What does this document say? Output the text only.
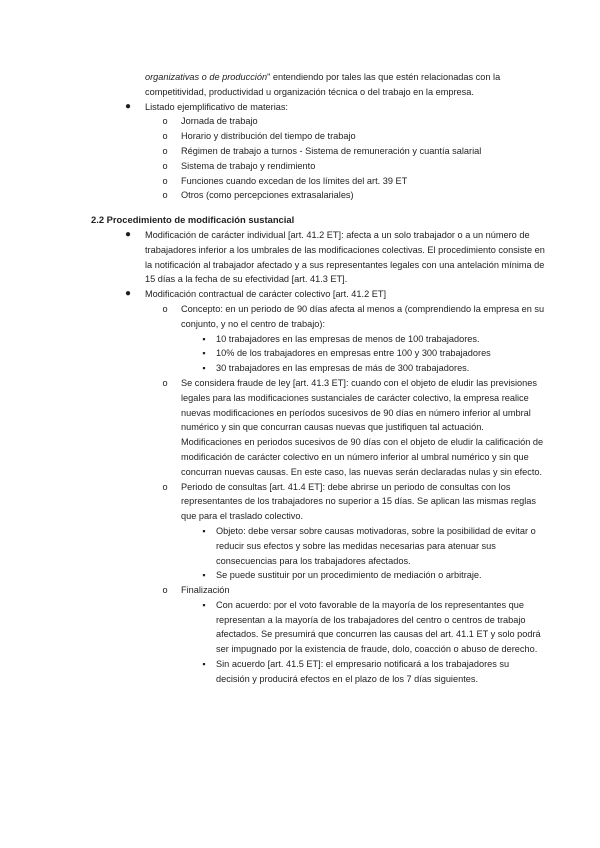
organizativas o de producción" entendiendo por tales las que estén relacionadas con la competitividad, productividad u organización técnica o del trabajo en la empresa.
●	Listado ejemplificativo de materias:
o	Jornada de trabajo
o	Horario y distribución del tiempo de trabajo
o	Régimen de trabajo a turnos - Sistema de remuneración y cuantía salarial
o	Sistema de trabajo y rendimiento
o	Funciones cuando excedan de los límites del art. 39 ET
o	Otros (como percepciones extrasalariales)
2.2 Procedimiento de modificación sustancial
●	Modificación de carácter individual [art. 41.2 ET]: afecta a un solo trabajador o a un número de trabajadores inferior a los umbrales de las modificaciones colectivas. El procedimiento consiste en la notificación al trabajador afectado y a sus representantes legales con una antelación mínima de 15 días a la fecha de su efectividad [art. 41.3 ET].
●	Modificación contractual de carácter colectivo [art. 41.2 ET]
o	Concepto: en un periodo de 90 días afecta al menos a (comprendiendo la empresa en su conjunto, y no el centro de trabajo):
▪	10 trabajadores en las empresas de menos de 100 trabajadores.
▪	10% de los trabajadores en empresas entre 100 y 300 trabajadores
▪	30 trabajadores en las empresas de más de 300 trabajadores.
o	Se considera fraude de ley [art. 41.3 ET]: cuando con el objeto de eludir las previsiones legales para las modificaciones sustanciales de carácter colectivo, la empresa realice nuevas modificaciones en períodos sucesivos de 90 días en número inferior al umbral numérico y sin que concurran causas nuevas que justifiquen tal actuación. Modificaciones en periodos sucesivos de 90 días con el objeto de eludir la calificación de modificación de carácter colectivo en un número inferior al umbral numérico y sin que concurran nuevas causas. En este caso, las nuevas serán declaradas nulas y sin efecto.
o	Periodo de consultas [art. 41.4 ET]: debe abrirse un periodo de consultas con los representantes de los trabajadores no superior a 15 días. Se aplican las mismas reglas que para el traslado colectivo.
▪	Objeto: debe versar sobre causas motivadoras, sobre la posibilidad de evitar o reducir sus efectos y sobre las medidas necesarias para atenuar sus consecuencias para los trabajadores afectados.
▪	Se puede sustituir por un procedimiento de mediación o arbitraje.
o	Finalización
▪	Con acuerdo: por el voto favorable de la mayoría de los representantes que representan a la mayoría de los trabajadores del centro o centros de trabajo afectados. Se presumirá que concurren las causas del art. 41.1 ET y solo podrá ser impugnado por la existencia de fraude, dolo, coacción o abuso de derecho.
▪	Sin acuerdo [art. 41.5 ET]: el empresario notificará a los trabajadores su decisión y producirá efectos en el plazo de los 7 días siguientes.
